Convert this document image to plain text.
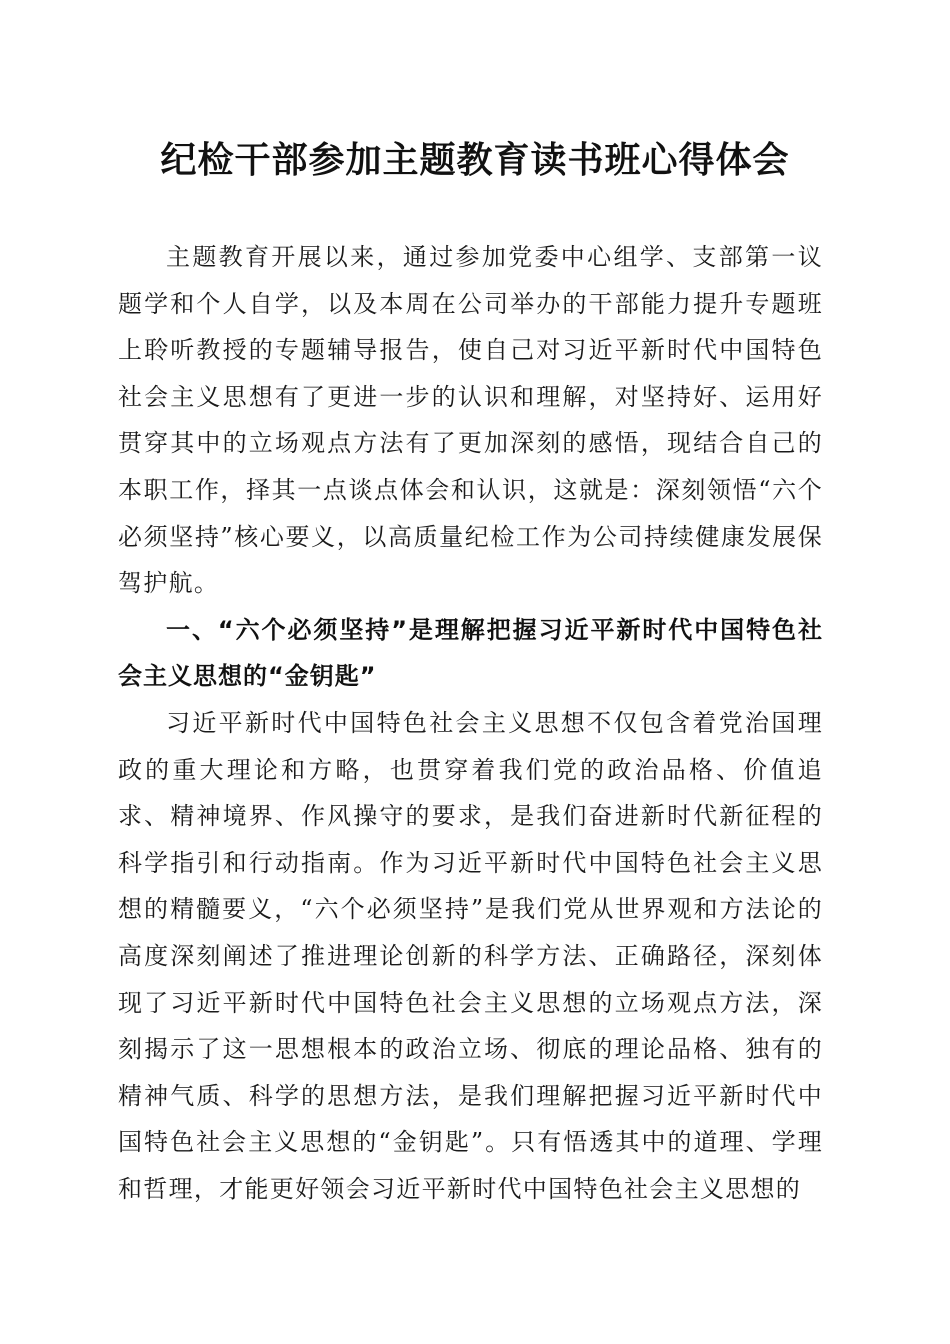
纪检干部参加主题教育读书班心得体会

主题教育开展以来，通过参加党委中心组学、支部第一议题学和个人自学，以及本周在公司举办的干部能力提升专题班上聆听教授的专题辅导报告，使自己对习近平新时代中国特色社会主义思想有了更进一步的认识和理解，对坚持好、运用好贯穿其中的立场观点方法有了更加深刻的感悟，现结合自己的本职工作，择其一点谈点体会和认识，这就是：深刻领悟“六个必须坚持”核心要义，以高质量纪检工作为公司持续健康发展保驾护航。

一、“六个必须坚持”是理解把握习近平新时代中国特色社会主义思想的“金钥匙”

习近平新时代中国特色社会主义思想不仅包含着党治国理政的重大理论和方略，也贯穿着我们党的政治品格、价值追求、精神境界、作风操守的要求，是我们奋进新时代新征程的科学指引和行动指南。作为习近平新时代中国特色社会主义思想的精髓要义，“六个必须坚持”是我们党从世界观和方法论的高度深刻阐述了推进理论创新的科学方法、正确路径，深刻体现了习近平新时代中国特色社会主义思想的立场观点方法，深刻揭示了这一思想根本的政治立场、彻底的理论品格、独有的精神气质、科学的思想方法，是我们理解把握习近平新时代中国特色社会主义思想的“金钥匙”。只有悟透其中的道理、学理和哲理，才能更好领会习近平新时代中国特色社会主义思想的
